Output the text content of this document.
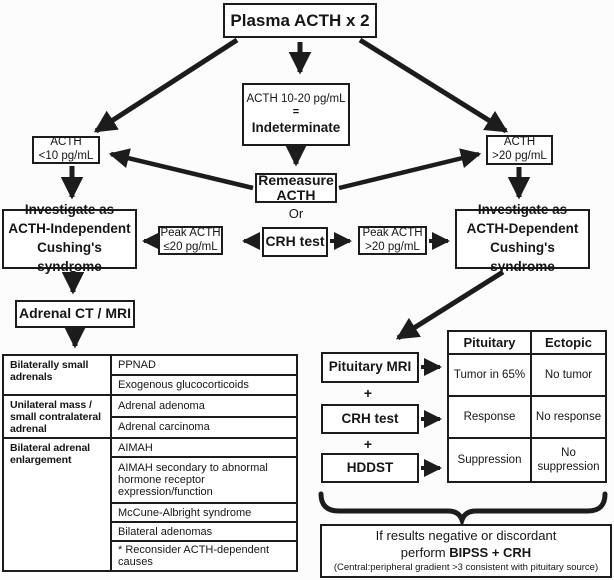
Plasma ACTH x 2
ACTH 10-20 pg/mL
=
Indeterminate
ACTH
<10 pg/mL
ACTH
>20 pg/mL
Remeasure
ACTH
Or
CRH test
Peak ACTH
≤20 pg/mL
Peak ACTH
>20 pg/mL
Investigate as
ACTH-Independent
Cushing's syndrome
Investigate as
ACTH-Dependent
Cushing's syndrome
Adrenal CT / MRI
Bilaterally small adrenals	PPNAD
	Exogenous glucocorticoids
Unilateral mass / small contralateral adrenal	Adrenal adenoma
	Adrenal carcinoma
Bilateral adrenal enlargement	AIMAH
	AIMAH secondary to abnormal hormone receptor expression/function
	McCune-Albright syndrome
	Bilateral adenomas
	* Reconsider ACTH-dependent causes
Pituitary MRI
+
CRH test
+
HDDST
Pituitary	Ectopic
Tumor in 65%	No tumor
Response	No response
Suppression	No suppression
If results negative or discordant
perform BIPSS + CRH
(Central:peripheral gradient >3 consistent with pituitary source)
